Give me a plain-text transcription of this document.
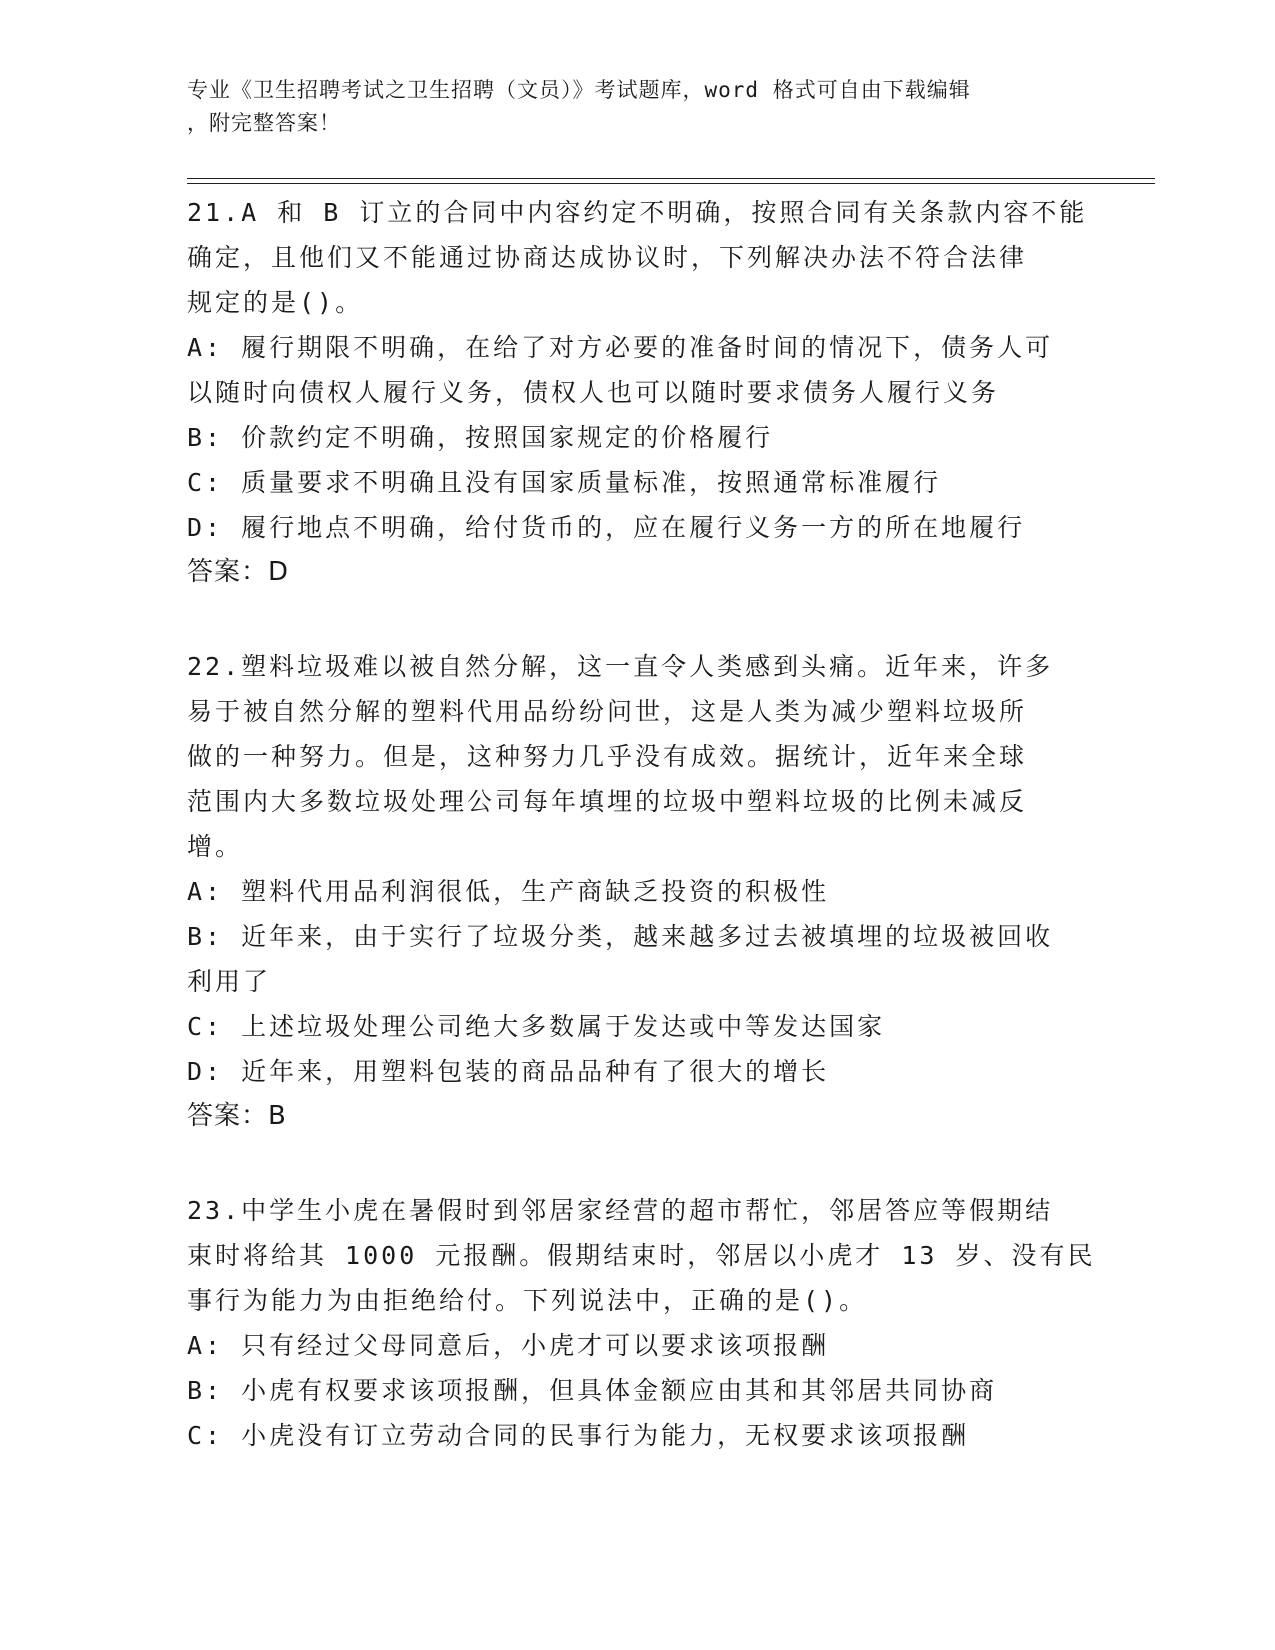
专业《卫生招聘考试之卫生招聘（文员）》考试题库，word 格式可自由下载编辑
，附完整答案！

21.A 和 B 订立的合同中内容约定不明确，按照合同有关条款内容不能
确定，且他们又不能通过协商达成协议时，下列解决办法不符合法律
规定的是()。
A: 履行期限不明确，在给了对方必要的准备时间的情况下，债务人可
以随时向债权人履行义务，债权人也可以随时要求债务人履行义务
B: 价款约定不明确，按照国家规定的价格履行
C: 质量要求不明确且没有国家质量标准，按照通常标准履行
D: 履行地点不明确，给付货币的，应在履行义务一方的所在地履行
答案：D
22.塑料垃圾难以被自然分解，这一直令人类感到头痛。近年来，许多
易于被自然分解的塑料代用品纷纷问世，这是人类为减少塑料垃圾所
做的一种努力。但是，这种努力几乎没有成效。据统计，近年来全球
范围内大多数垃圾处理公司每年填埋的垃圾中塑料垃圾的比例未减反
增。
A: 塑料代用品利润很低，生产商缺乏投资的积极性
B: 近年来，由于实行了垃圾分类，越来越多过去被填埋的垃圾被回收
利用了
C: 上述垃圾处理公司绝大多数属于发达或中等发达国家
D: 近年来，用塑料包装的商品品种有了很大的增长
答案：B
23.中学生小虎在暑假时到邻居家经营的超市帮忙，邻居答应等假期结
束时将给其 1000 元报酬。假期结束时，邻居以小虎才 13 岁、没有民
事行为能力为由拒绝给付。下列说法中，正确的是()。
A: 只有经过父母同意后，小虎才可以要求该项报酬
B: 小虎有权要求该项报酬，但具体金额应由其和其邻居共同协商
C: 小虎没有订立劳动合同的民事行为能力，无权要求该项报酬
